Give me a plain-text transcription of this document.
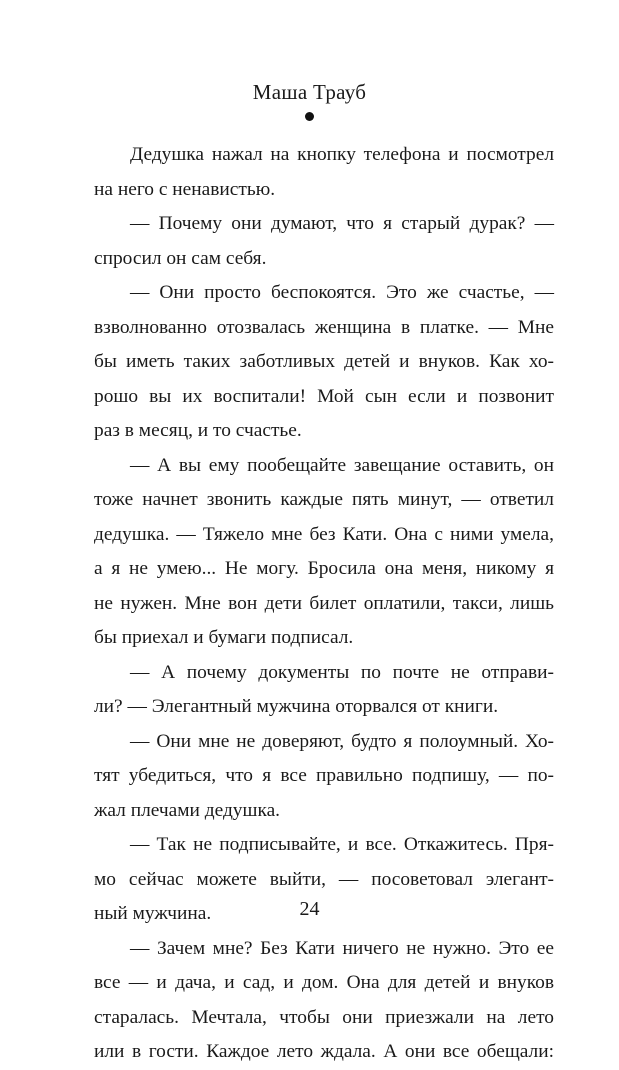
Маша Трауб
Дедушка нажал на кнопку телефона и посмотрел
на него с ненавистью.
— Почему они думают, что я старый дурак? —
спросил он сам себя.
— Они просто беспокоятся. Это же счастье, —
взволнованно отозвалась женщина в платке. — Мне
бы иметь таких заботливых детей и внуков. Как хо-
рошо вы их воспитали! Мой сын если и позвонит
раз в месяц, и то счастье.
— А вы ему пообещайте завещание оставить, он
тоже начнет звонить каждые пять минут, — ответил
дедушка. — Тяжело мне без Кати. Она с ними умела,
а я не умею... Не могу. Бросила она меня, никому я
не нужен. Мне вон дети билет оплатили, такси, лишь
бы приехал и бумаги подписал.
— А почему документы по почте не отправи-
ли? — Элегантный мужчина оторвался от книги.
— Они мне не доверяют, будто я полоумный. Хо-
тят убедиться, что я все правильно подпишу, — по-
жал плечами дедушка.
— Так не подписывайте, и все. Откажитесь. Пря-
мо сейчас можете выйти, — посоветовал элегант-
ный мужчина.
— Зачем мне? Без Кати ничего не нужно. Это ее
все — и дача, и сад, и дом. Она для детей и внуков
старалась. Мечтала, чтобы они приезжали на лето
или в гости. Каждое лето ждала. А они все обещали:
24
